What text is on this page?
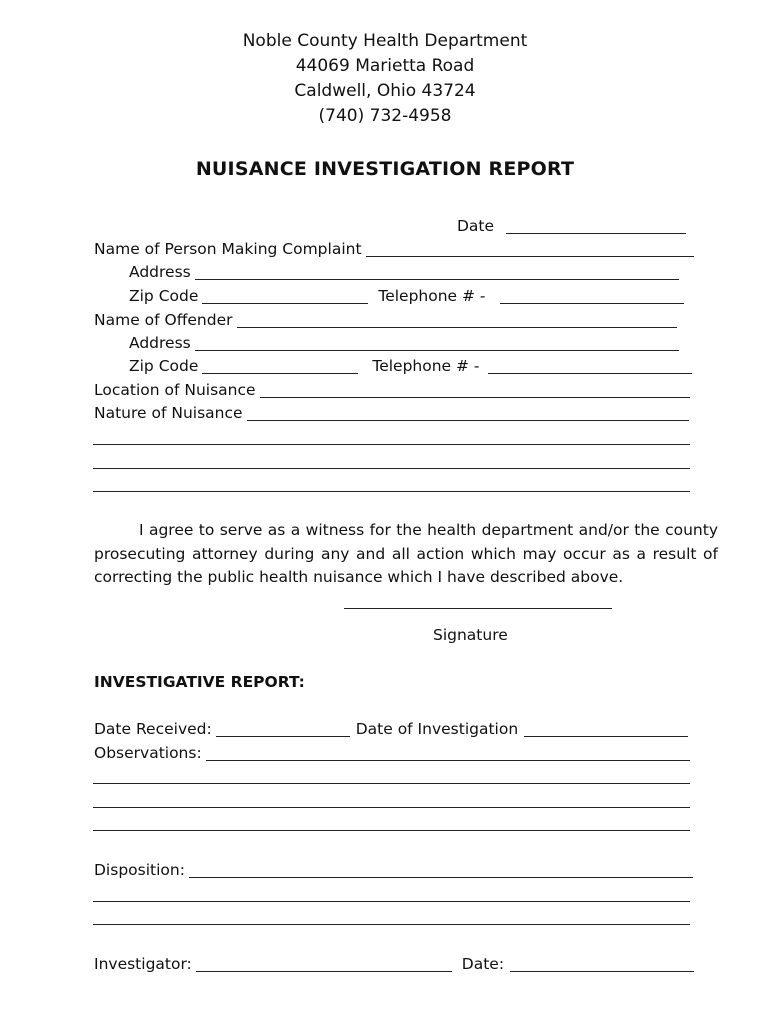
Noble County Health Department
44069 Marietta Road
Caldwell, Ohio 43724
(740) 732-4958
NUISANCE INVESTIGATION REPORT
Date
Name of Person Making Complaint
Address
Zip Code	Telephone # -
Name of Offender
Address
Zip Code	Telephone # -
Location of Nuisance
Nature of Nuisance
I agree to serve as a witness for the health department and/or the county prosecuting attorney during any and all action which may occur as a result of correcting the public health nuisance which I have described above.
Signature
INVESTIGATIVE REPORT:
Date Received:	Date of Investigation
Observations:
Disposition:
Investigator:	Date:
